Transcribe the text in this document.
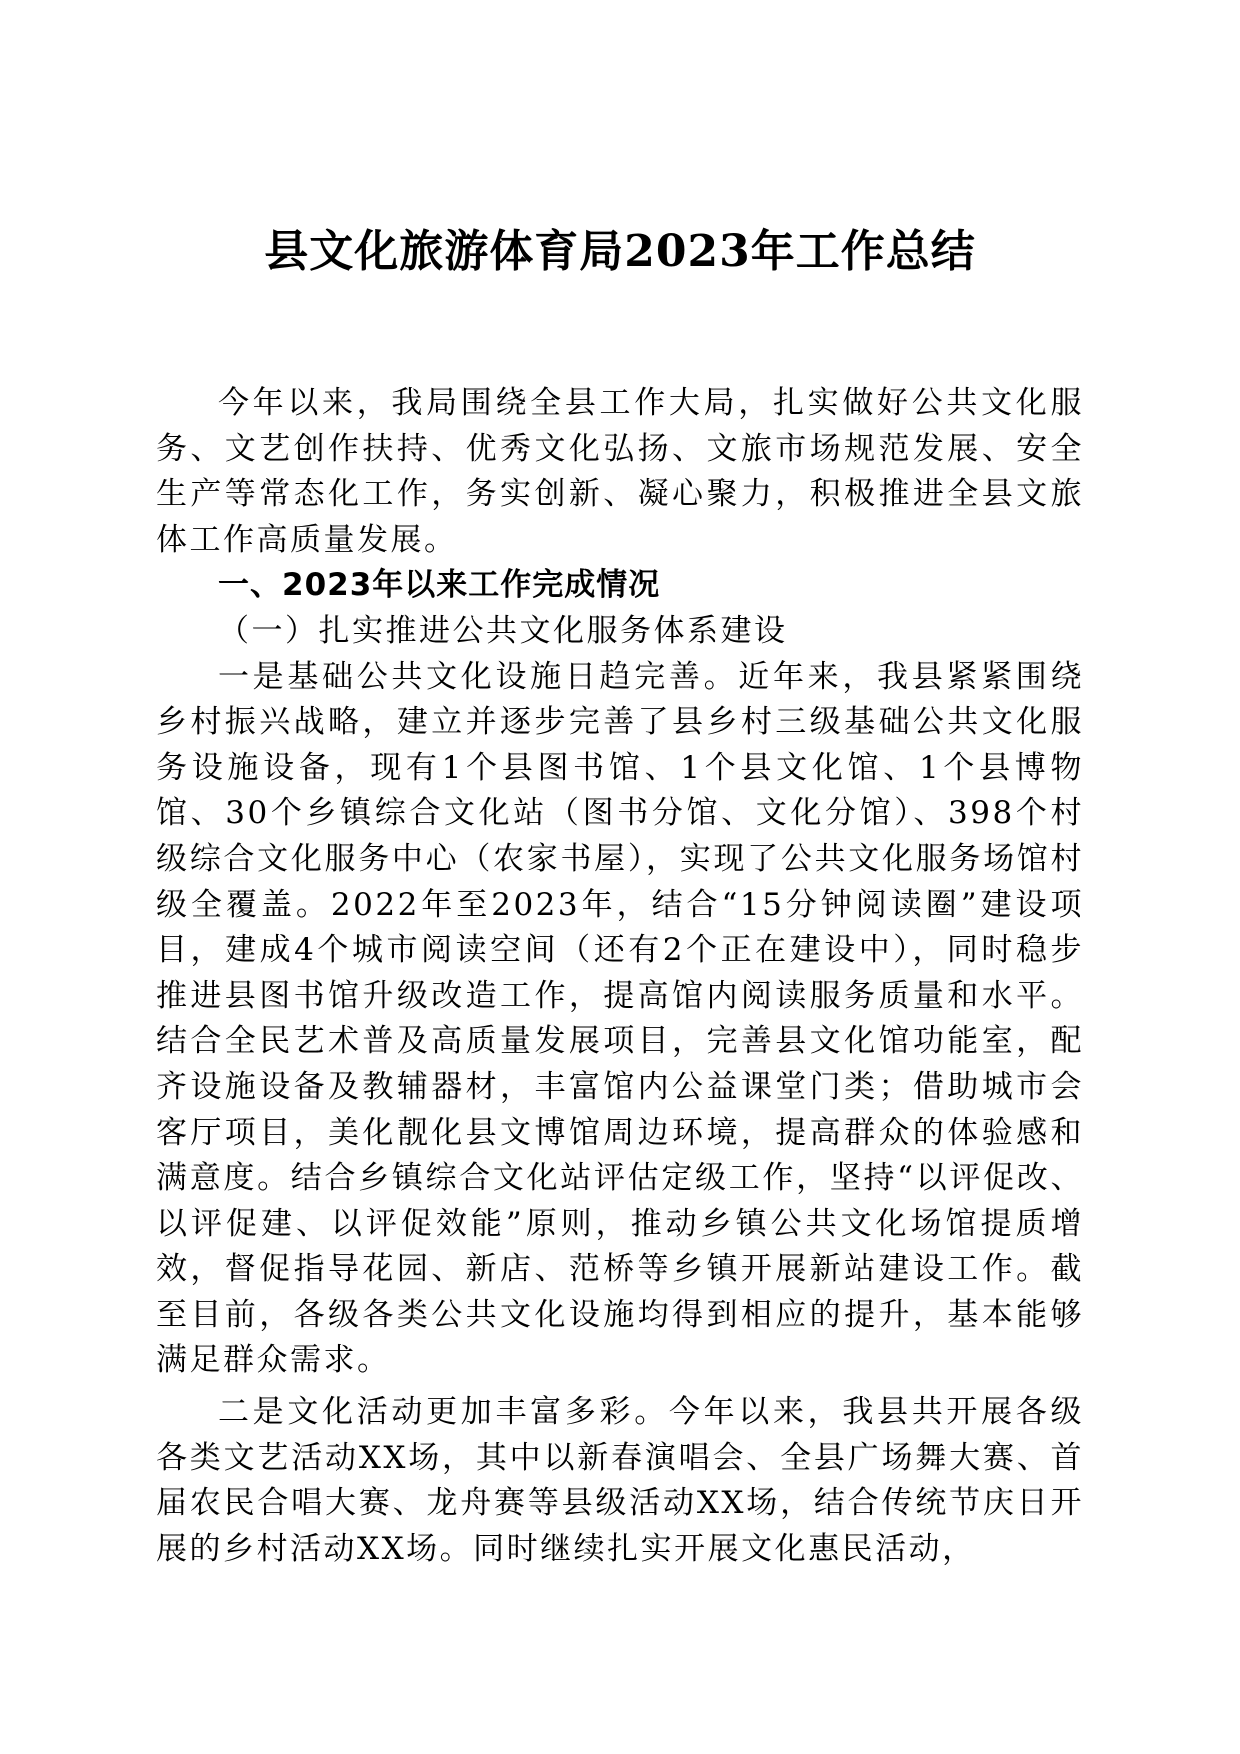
县文化旅游体育局2023年工作总结

今年以来，我局围绕全县工作大局，扎实做好公共文化服务、文艺创作扶持、优秀文化弘扬、文旅市场规范发展、安全生产等常态化工作，务实创新、凝心聚力，积极推进全县文旅体工作高质量发展。

一、2023年以来工作完成情况

（一）扎实推进公共文化服务体系建设

一是基础公共文化设施日趋完善。近年来，我县紧紧围绕乡村振兴战略，建立并逐步完善了县乡村三级基础公共文化服务设施设备，现有1个县图书馆、1个县文化馆、1个县博物馆、30个乡镇综合文化站（图书分馆、文化分馆）、398个村级综合文化服务中心（农家书屋），实现了公共文化服务场馆村级全覆盖。2022年至2023年，结合“15分钟阅读圈”建设项目，建成4个城市阅读空间（还有2个正在建设中），同时稳步推进县图书馆升级改造工作，提高馆内阅读服务质量和水平。结合全民艺术普及高质量发展项目，完善县文化馆功能室，配齐设施设备及教辅器材，丰富馆内公益课堂门类；借助城市会客厅项目，美化靓化县文博馆周边环境，提高群众的体验感和满意度。结合乡镇综合文化站评估定级工作，坚持“以评促改、以评促建、以评促效能”原则，推动乡镇公共文化场馆提质增效，督促指导花园、新店、范桥等乡镇开展新站建设工作。截至目前，各级各类公共文化设施均得到相应的提升，基本能够满足群众需求。

二是文化活动更加丰富多彩。今年以来，我县共开展各级各类文艺活动XX场，其中以新春演唱会、全县广场舞大赛、首届农民合唱大赛、龙舟赛等县级活动XX场，结合传统节庆日开展的乡村活动XX场。同时继续扎实开展文化惠民活动，
